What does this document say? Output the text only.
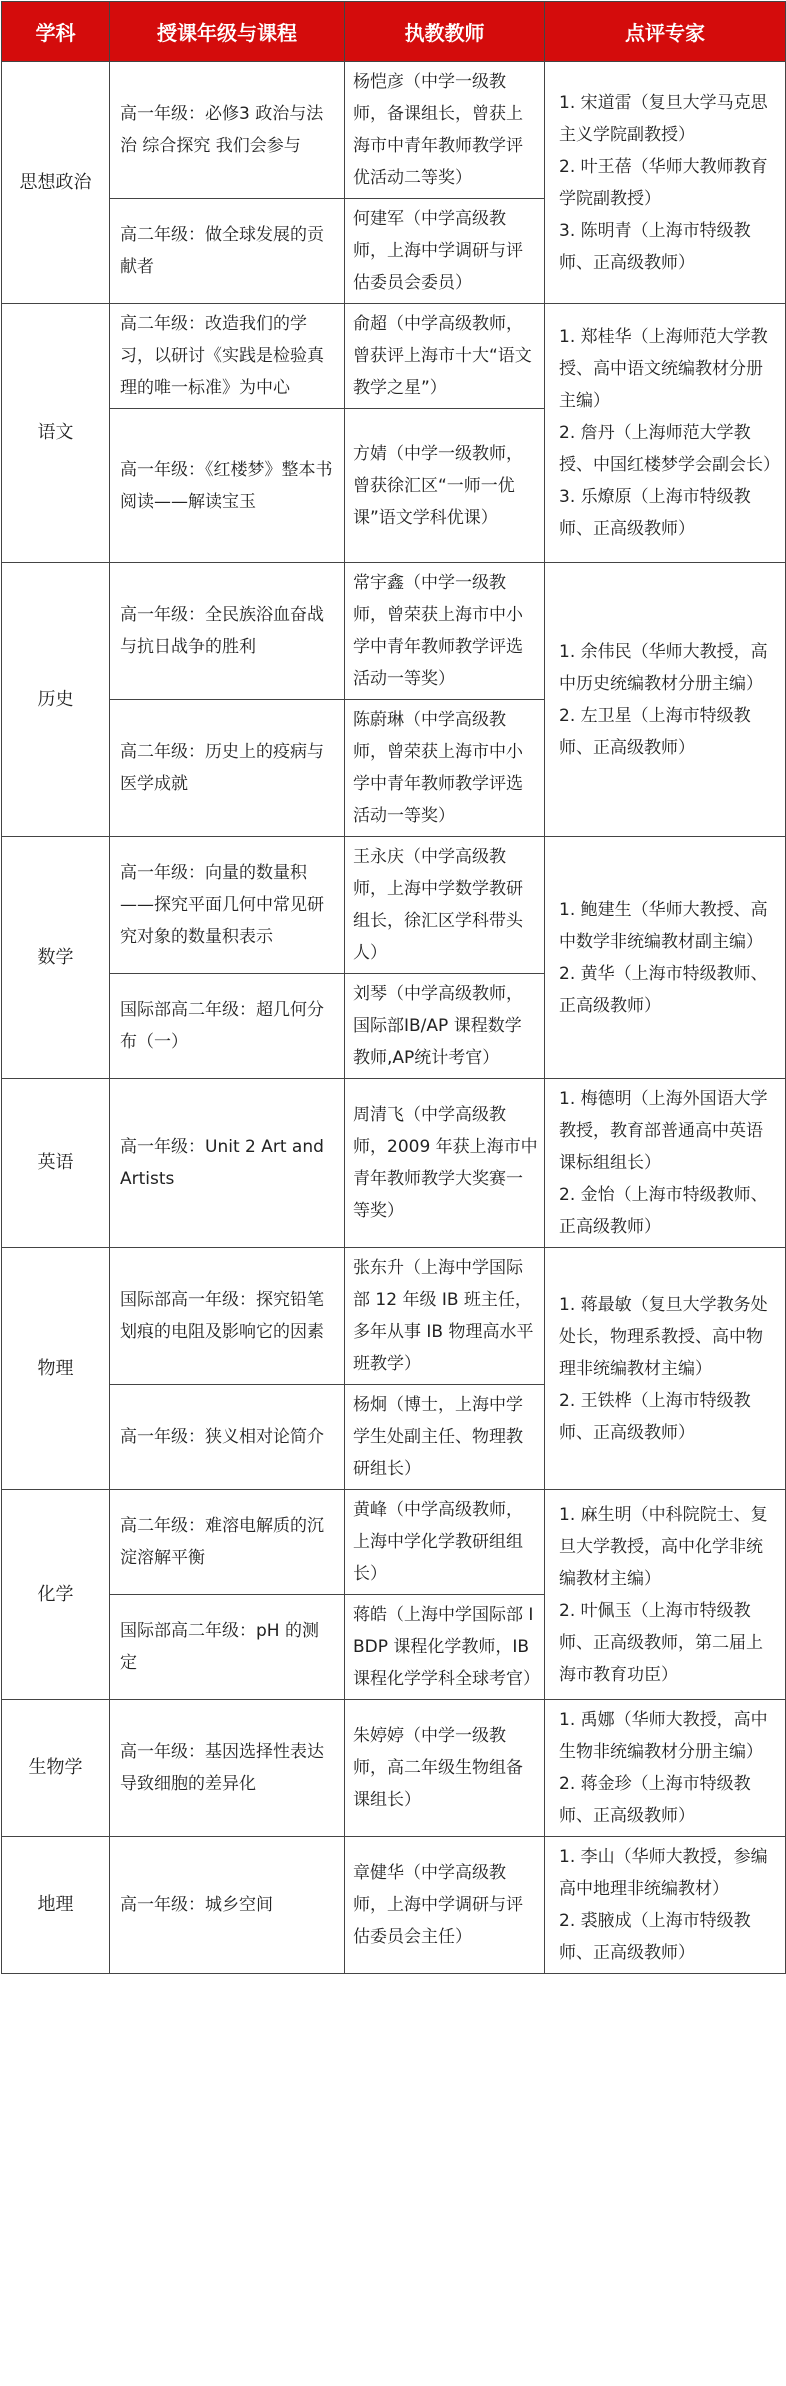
学科	授课年级与课程	执教教师	点评专家
思想政治	高一年级：必修3 政治与法治 综合探究 我们会参与	杨恺彦（中学一级教师，备课组长，曾获上海市中青年教师教学评优活动二等奖）	1. 宋道雷（复旦大学马克思主义学院副教授）
2. 叶王蓓（华师大教师教育学院副教授）
3. 陈明青（上海市特级教师、正高级教师）

	高二年级：做全球发展的贡献者	何建军（中学高级教师，上海中学调研与评估委员会委员）	
语文	高二年级：改造我们的学习，以研讨《实践是检验真理的唯一标准》为中心	俞超（中学高级教师，曾获评上海市十大“语文教学之星”）	1. 郑桂华（上海师范大学教授、高中语文统编教材分册主编）
2. 詹丹（上海师范大学教授、中国红楼梦学会副会长）
3. 乐燎原（上海市特级教师、正高级教师）

	高一年级：《红楼梦》整本书阅读——解读宝玉	方婧（中学一级教师，曾获徐汇区“一师一优课”语文学科优课）	
历史	高一年级：全民族浴血奋战与抗日战争的胜利	常宇鑫（中学一级教师，曾荣获上海市中小学中青年教师教学评选活动一等奖）	1. 余伟民（华师大教授，高中历史统编教材分册主编）
2. 左卫星（上海市特级教师、正高级教师）

	高二年级：历史上的疫病与医学成就	陈蔚琳（中学高级教师，曾荣获上海市中小学中青年教师教学评选活动一等奖）	
数学	高一年级：向量的数量积——探究平面几何中常见研究对象的数量积表示	王永庆（中学高级教师，上海中学数学教研组长，徐汇区学科带头人）	1. 鲍建生（华师大教授、高中数学非统编教材副主编）
2. 黄华（上海市特级教师、正高级教师）

	国际部高二年级：超几何分布（一）	刘琴（中学高级教师，国际部IB/AP 课程数学教师,AP统计考官）	
英语	高一年级：Unit 2 Art and Artists	周清飞（中学高级教师，2009 年获上海市中青年教师教学大奖赛一等奖）	1. 梅德明（上海外国语大学教授，教育部普通高中英语课标组组长）
2. 金怡（上海市特级教师、正高级教师）

物理	国际部高一年级：探究铅笔划痕的电阻及影响它的因素	张东升（上海中学国际部 12 年级 IB 班主任，多年从事 IB 物理高水平班教学）	1. 蒋最敏（复旦大学教务处处长，物理系教授、高中物理非统编教材主编）
2. 王铁桦（上海市特级教师、正高级教师）

	高一年级：狭义相对论简介	杨炯（博士，上海中学学生处副主任、物理教研组长）	
化学	高二年级：难溶电解质的沉淀溶解平衡	黄峰（中学高级教师，上海中学化学教研组组长）	1. 麻生明（中科院院士、复旦大学教授，高中化学非统编教材主编）
2. 叶佩玉（上海市特级教师、正高级教师，第二届上海市教育功臣）

	国际部高二年级：pH 的测定	蒋皓（上海中学国际部 IBDP 课程化学教师，IB 课程化学学科全球考官）	
生物学	高一年级：基因选择性表达导致细胞的差异化	朱婷婷（中学一级教师，高二年级生物组备课组长）	1. 禹娜（华师大教授，高中生物非统编教材分册主编）
2. 蒋金珍（上海市特级教师、正高级教师）

地理	高一年级：城乡空间	章健华（中学高级教师，上海中学调研与评估委员会主任）	1. 李山（华师大教授，参编高中地理非统编教材）
2. 裘腋成（上海市特级教师、正高级教师）
